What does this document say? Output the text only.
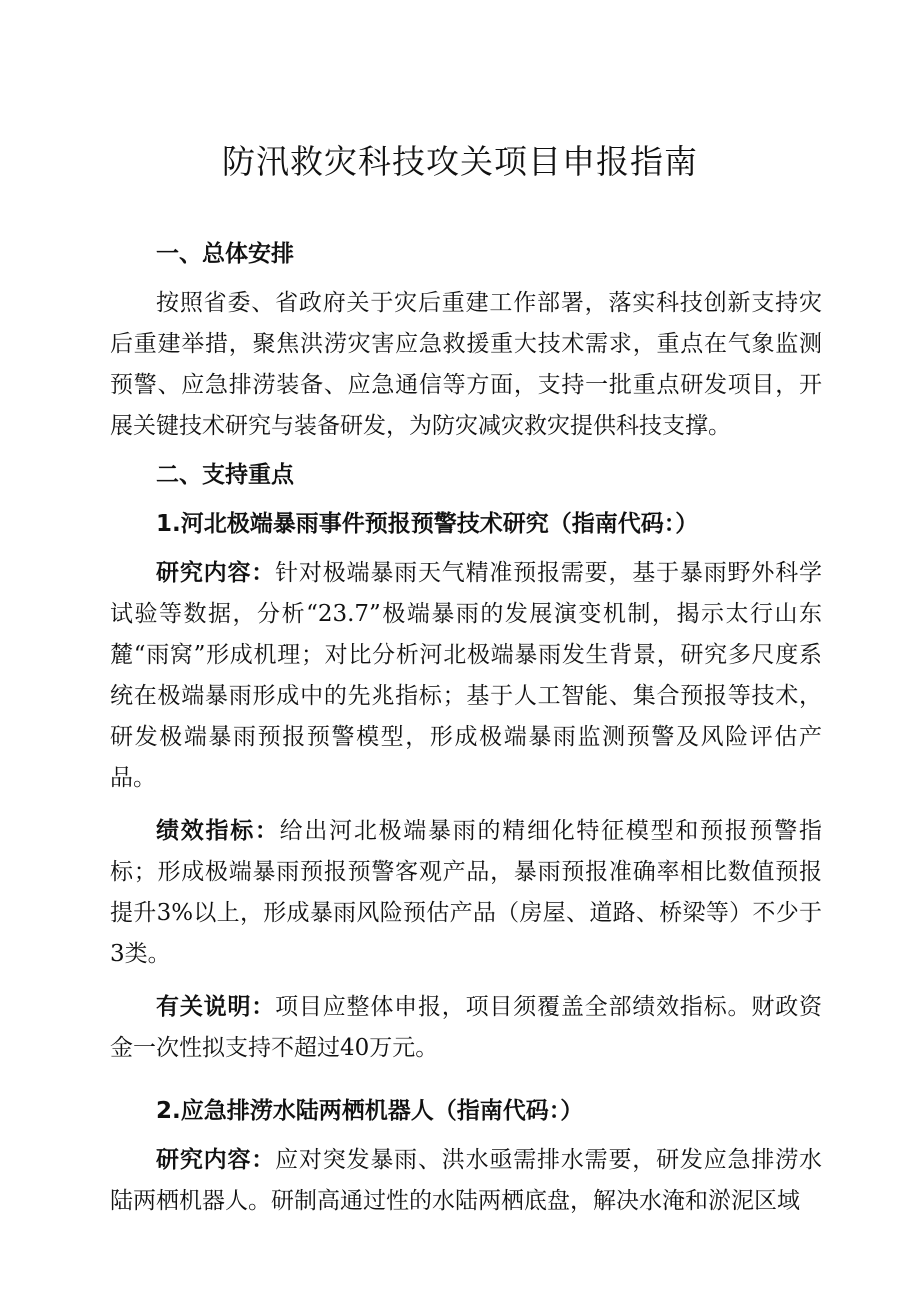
防汛救灾科技攻关项目申报指南

一、总体安排

按照省委、省政府关于灾后重建工作部署，落实科技创新支持灾后重建举措，聚焦洪涝灾害应急救援重大技术需求，重点在气象监测预警、应急排涝装备、应急通信等方面，支持一批重点研发项目，开展关键技术研究与装备研发，为防灾减灾救灾提供科技支撑。

二、支持重点

1.河北极端暴雨事件预报预警技术研究（指南代码：）

研究内容：针对极端暴雨天气精准预报需要，基于暴雨野外科学试验等数据，分析“23.7”极端暴雨的发展演变机制，揭示太行山东麓“雨窝”形成机理；对比分析河北极端暴雨发生背景，研究多尺度系统在极端暴雨形成中的先兆指标；基于人工智能、集合预报等技术，研发极端暴雨预报预警模型，形成极端暴雨监测预警及风险评估产品。

绩效指标：给出河北极端暴雨的精细化特征模型和预报预警指标；形成极端暴雨预报预警客观产品，暴雨预报准确率相比数值预报提升3%以上，形成暴雨风险预估产品（房屋、道路、桥梁等）不少于3类。

有关说明：项目应整体申报，项目须覆盖全部绩效指标。财政资金一次性拟支持不超过40万元。

2.应急排涝水陆两栖机器人（指南代码：）

研究内容：应对突发暴雨、洪水亟需排水需要，研发应急排涝水陆两栖机器人。研制高通过性的水陆两栖底盘，解决水淹和淤泥区域
